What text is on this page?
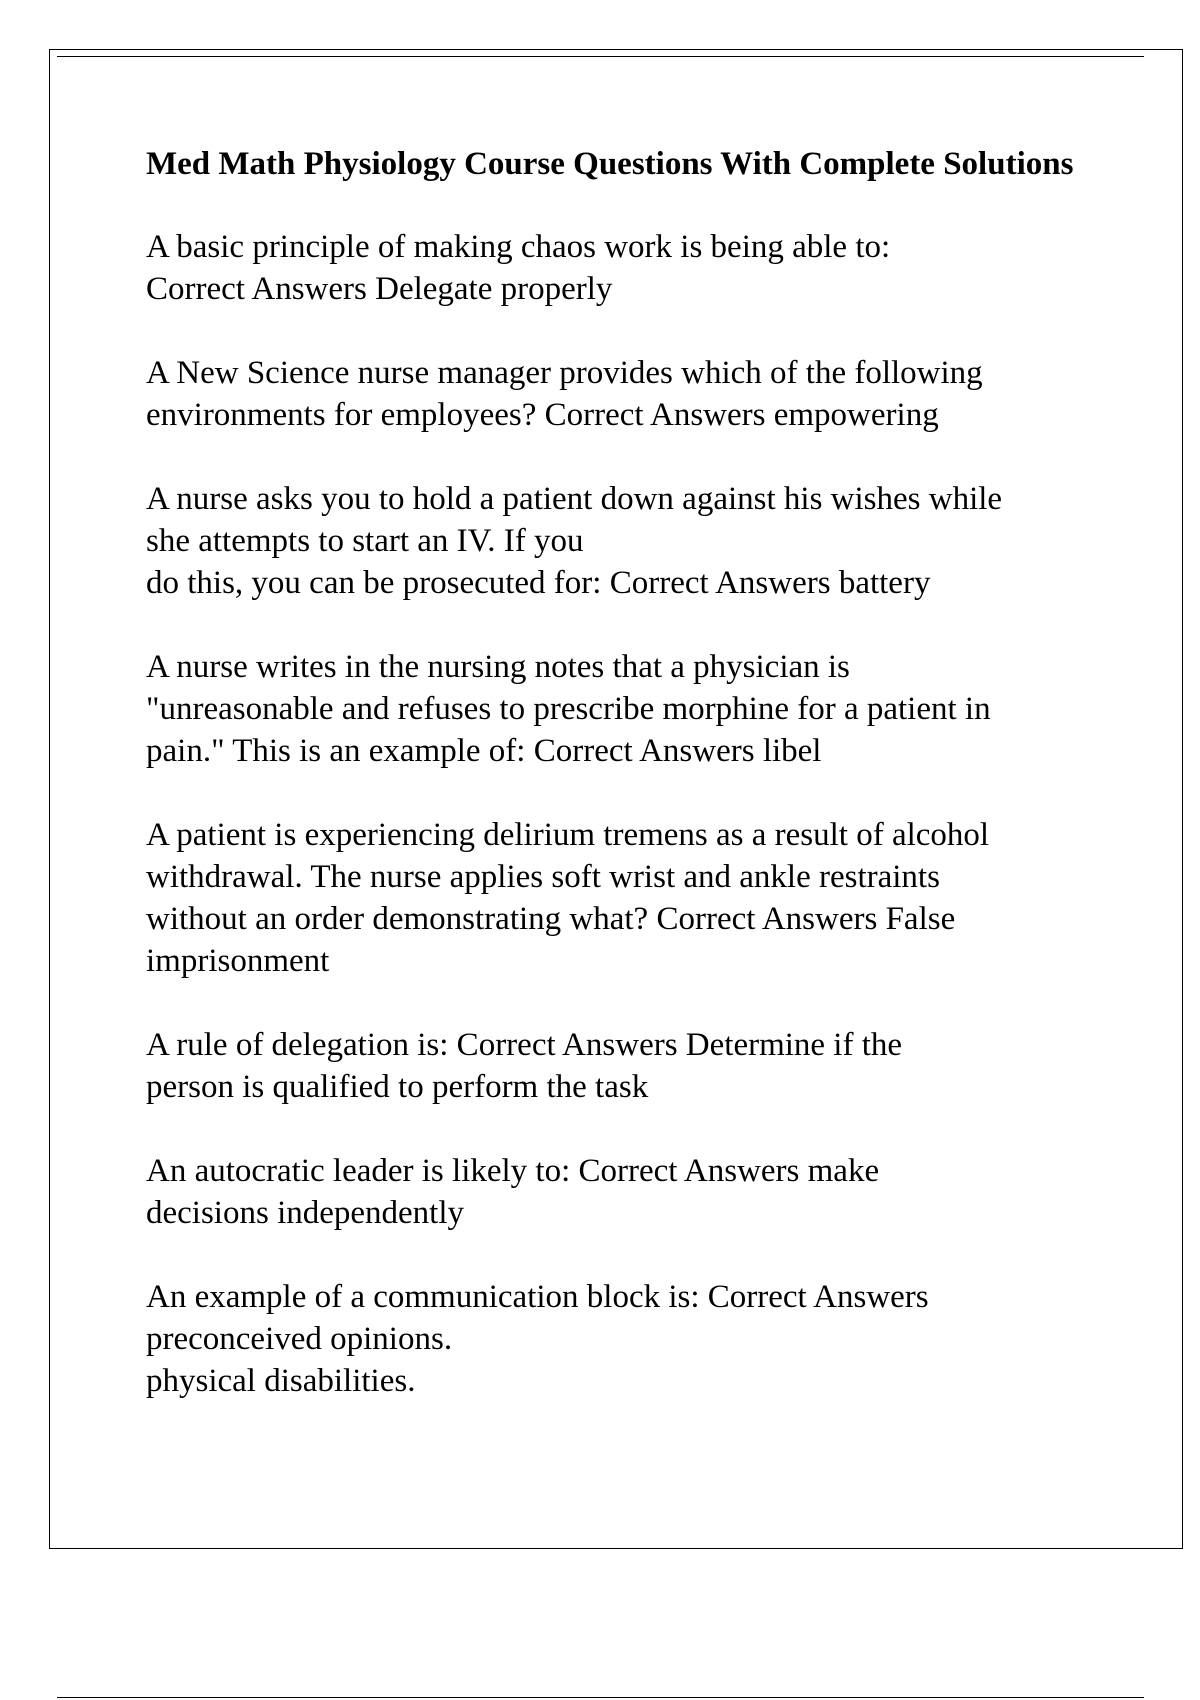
Med Math Physiology Course Questions With Complete Solutions
A basic principle of making chaos work is being able to:
Correct Answers Delegate properly
A New Science nurse manager provides which of the following
environments for employees? Correct Answers empowering
A nurse asks you to hold a patient down against his wishes while
she attempts to start an IV. If you
do this, you can be prosecuted for: Correct Answers battery
A nurse writes in the nursing notes that a physician is
"unreasonable and refuses to prescribe morphine for a patient in
pain." This is an example of: Correct Answers libel
A patient is experiencing delirium tremens as a result of alcohol
withdrawal. The nurse applies soft wrist and ankle restraints
without an order demonstrating what? Correct Answers False
imprisonment
A rule of delegation is: Correct Answers Determine if the
person is qualified to perform the task
An autocratic leader is likely to: Correct Answers make
decisions independently
An example of a communication block is: Correct Answers
preconceived opinions.
physical disabilities.
